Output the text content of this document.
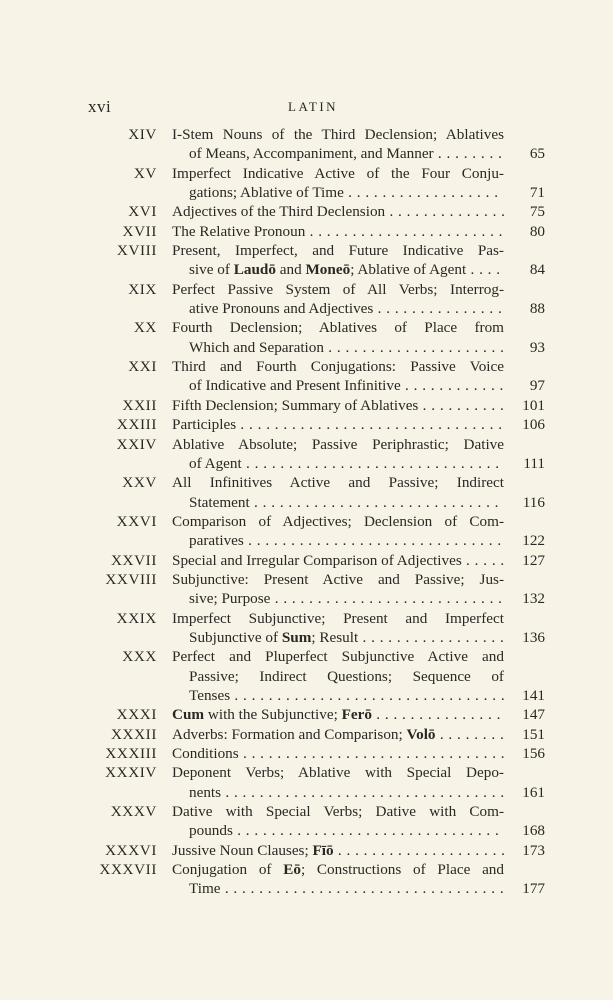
xvi	LATIN
XIV I-Stem Nouns of the Third Declension; Ablatives
of Means, Accompaniment, and Manner . . .	65
XV Imperfect Indicative Active of the Four Conju-
gations; Ablative of Time . . .	71
XVI Adjectives of the Third Declension . . .	75
XVII The Relative Pronoun . . .	80
XVIII Present, Imperfect, and Future Indicative Pas-
sive of Laudō and Moneō; Ablative of Agent . . .	84
XIX Perfect Passive System of All Verbs; Interrog-
ative Pronouns and Adjectives . . .	88
XX Fourth Declension; Ablatives of Place from
Which and Separation . . .	93
XXI Third and Fourth Conjugations: Passive Voice
of Indicative and Present Infinitive . . .	97
XXII Fifth Declension; Summary of Ablatives . . .	101
XXIII Participles . . .	106
XXIV Ablative Absolute; Passive Periphrastic; Dative
of Agent . . .	111
XXV All Infinitives Active and Passive; Indirect
Statement . . .	116
XXVI Comparison of Adjectives; Declension of Com-
paratives . . .	122
XXVII Special and Irregular Comparison of Adjectives . . .	127
XXVIII Subjunctive: Present Active and Passive; Jus-
sive; Purpose . . .	132
XXIX Imperfect Subjunctive; Present and Imperfect
Subjunctive of Sum; Result . . .	136
XXX Perfect and Pluperfect Subjunctive Active and
Passive; Indirect Questions; Sequence of
Tenses . . .	141
XXXI Cum with the Subjunctive; Ferō . . .	147
XXXII Adverbs: Formation and Comparison; Volō . . .	151
XXXIII Conditions . . .	156
XXXIV Deponent Verbs; Ablative with Special Depo-
nents . . .	161
XXXV Dative with Special Verbs; Dative with Com-
pounds . . .	168
XXXVI Jussive Noun Clauses; Fīō . . .	173
XXXVII Conjugation of Eō; Constructions of Place and
Time . . .	177
